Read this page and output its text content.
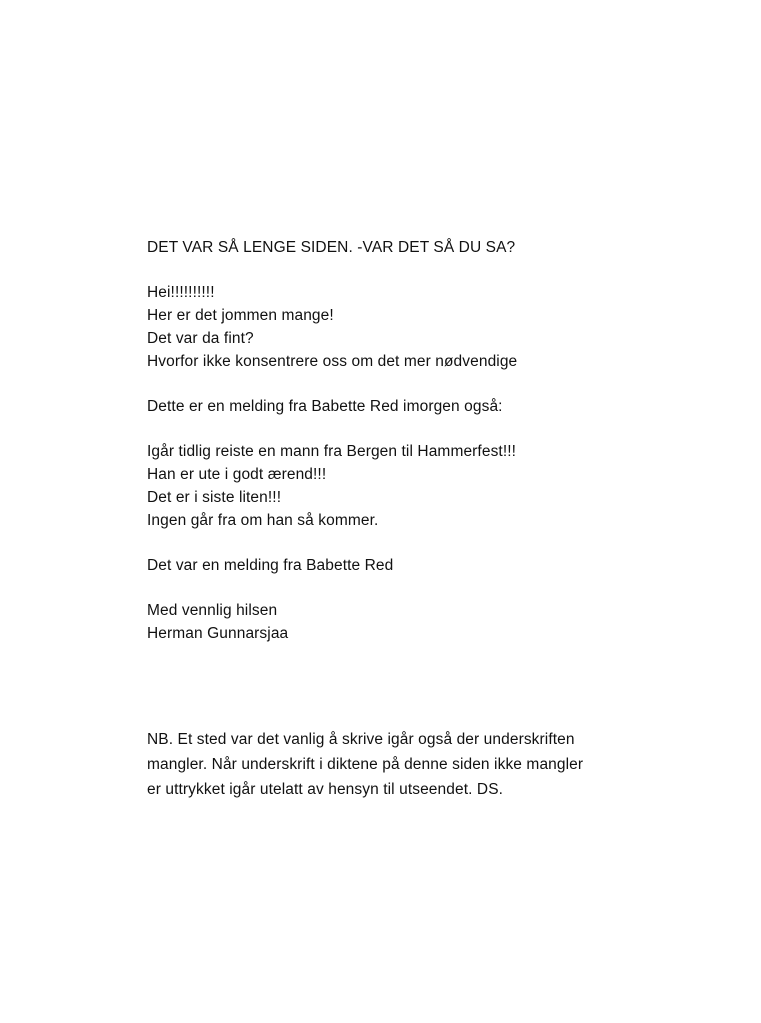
DET VAR SÅ LENGE SIDEN. -VAR DET SÅ DU SA?
Hei!!!!!!!!!!
Her er det jommen mange!
Det var da fint?
Hvorfor ikke konsentrere oss om det mer nødvendige
Dette er en melding fra Babette Red imorgen også:
Igår tidlig reiste en mann fra Bergen til Hammerfest!!!
Han er ute i godt ærend!!!
Det er i siste liten!!!
Ingen går fra om han så kommer.
Det var en melding fra Babette Red
Med vennlig hilsen
Herman Gunnarsjaa
NB. Et sted var det vanlig å skrive igår også der underskriften
mangler. Når underskrift i diktene på denne siden ikke mangler
er uttrykket igår utelatt av hensyn til utseendet. DS.
